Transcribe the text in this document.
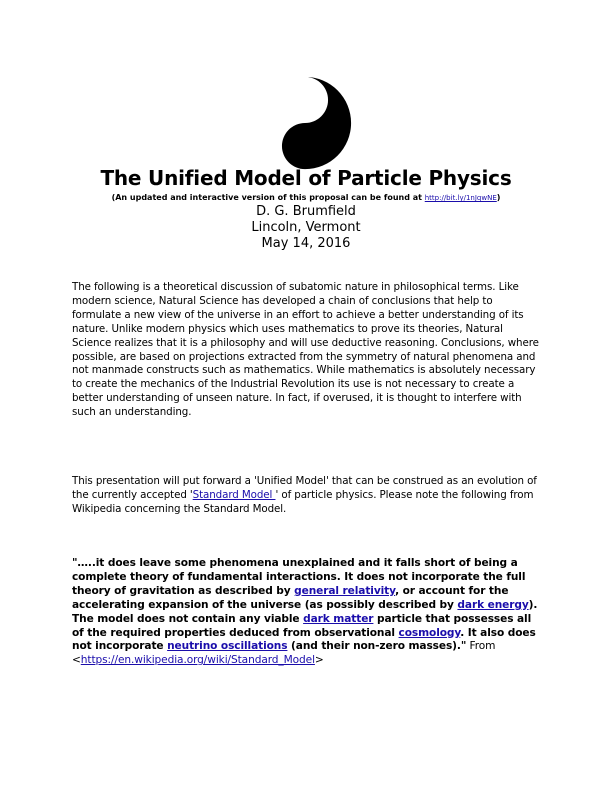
+
-
The Unified Model of Particle Physics
(An updated and interactive version of this proposal can be found at http://bit.ly/1nJqwNE)
D. G. Brumfield
Lincoln, Vermont
May 14, 2016
The following is a theoretical discussion of subatomic nature in philosophical terms. Like modern science, Natural Science has developed a chain of conclusions that help to formulate a new view of the universe in an effort to achieve a better understanding of its nature. Unlike modern physics which uses mathematics to prove its theories, Natural Science realizes that it is a philosophy and will use deductive reasoning. Conclusions, where possible, are based on projections extracted from the symmetry of natural phenomena and not manmade constructs such as mathematics. While mathematics is absolutely necessary to create the mechanics of the Industrial Revolution its use is not necessary to create a better understanding of unseen nature. In fact, if overused, it is thought to interfere with such an understanding.
This presentation will put forward a 'Unified Model' that can be construed as an evolution of the currently accepted 'Standard Model ' of particle physics. Please note the following from Wikipedia concerning the Standard Model.
"…..it does leave some phenomena unexplained and it falls short of being a complete theory of fundamental interactions. It does not incorporate the full theory of gravitation as described by general relativity, or account for the accelerating expansion of the universe (as possibly described by dark energy). The model does not contain any viable dark matter particle that possesses all of the required properties deduced from observational cosmology. It also does not incorporate neutrino oscillations (and their non-zero masses)." From
<https://en.wikipedia.org/wiki/Standard_Model>
